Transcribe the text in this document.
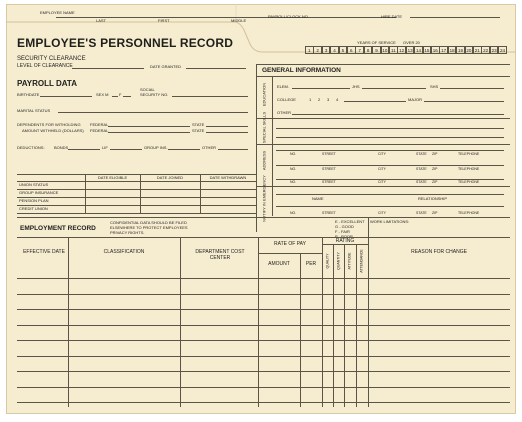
EMPLOYEE NAME
LAST	FIRST	MIDDLE
PAYROLL/CLOCK NO.	HIRE DATE
EMPLOYEE'S PERSONNEL RECORD	YEARS OF SERVICE OVER 20
1	2	3	4	5	6	7	8	9	10 11 12 13 14 15 16 17 18 19 20 21 22 23 24
SECURITY CLEARANCE
LEVEL OF CLEARANCE	DATE GRANTED
PAYROLL DATA
BIRTHDATE	SEX M	F
SOCIAL
SECURITY NO.
MARITAL STATUS
DEPENDENTS FOR WITHOLDING FEDERAL	STATE
AMOUNT WITHHELD (DOLLARS) FEDERAL	STATE
DEDUCTIONS: BONDS	LIF	GROUP INS.	OTHER
DATE ELIGIBLE	DATE JOINED	DATE WITHDRAWN
UNION STATUS
GROUP INSURANCE
PENSION PLAN
CREDIT UNION
GENERAL INFORMATION
EDUCATION	ELEM.	JHS	SHS
COLLEGE	1 2 3 4	MAJOR
OTHER
SPECIAL SKILLS
ADDRESS	NO.	STREET	CITY	STATE ZIP	TELEPHONE
NO.	STREET	CITY	STATE ZIP	TELEPHONE
NO.	STREET	CITY	STATE ZIP	TELEPHONE
NOTIFY IN EMERGENCY	NAME	RELATIONSHIP
NO.	STREET	CITY	STATE ZIP	TELEPHONE
EMPLOYMENT RECORD
CONFIDENTIAL DATA SHOULD BE FILED
ELSEWHERE TO PROTECT EMPLOYEES
PRIVACY RIGHTS.
E - EXCELLENT
G - GOOD
F - FAIR
P - POOR
WORK LIMITATIONS:
EFFECTIVE DATE	CLASSIFICATION	DEPARTMENT COST CENTER
RATE OF PAY
AMOUNT	PER
RATING
QUALITY QUANTITY ATTITUDE ATTENDANCE	REASON FOR CHANGE
